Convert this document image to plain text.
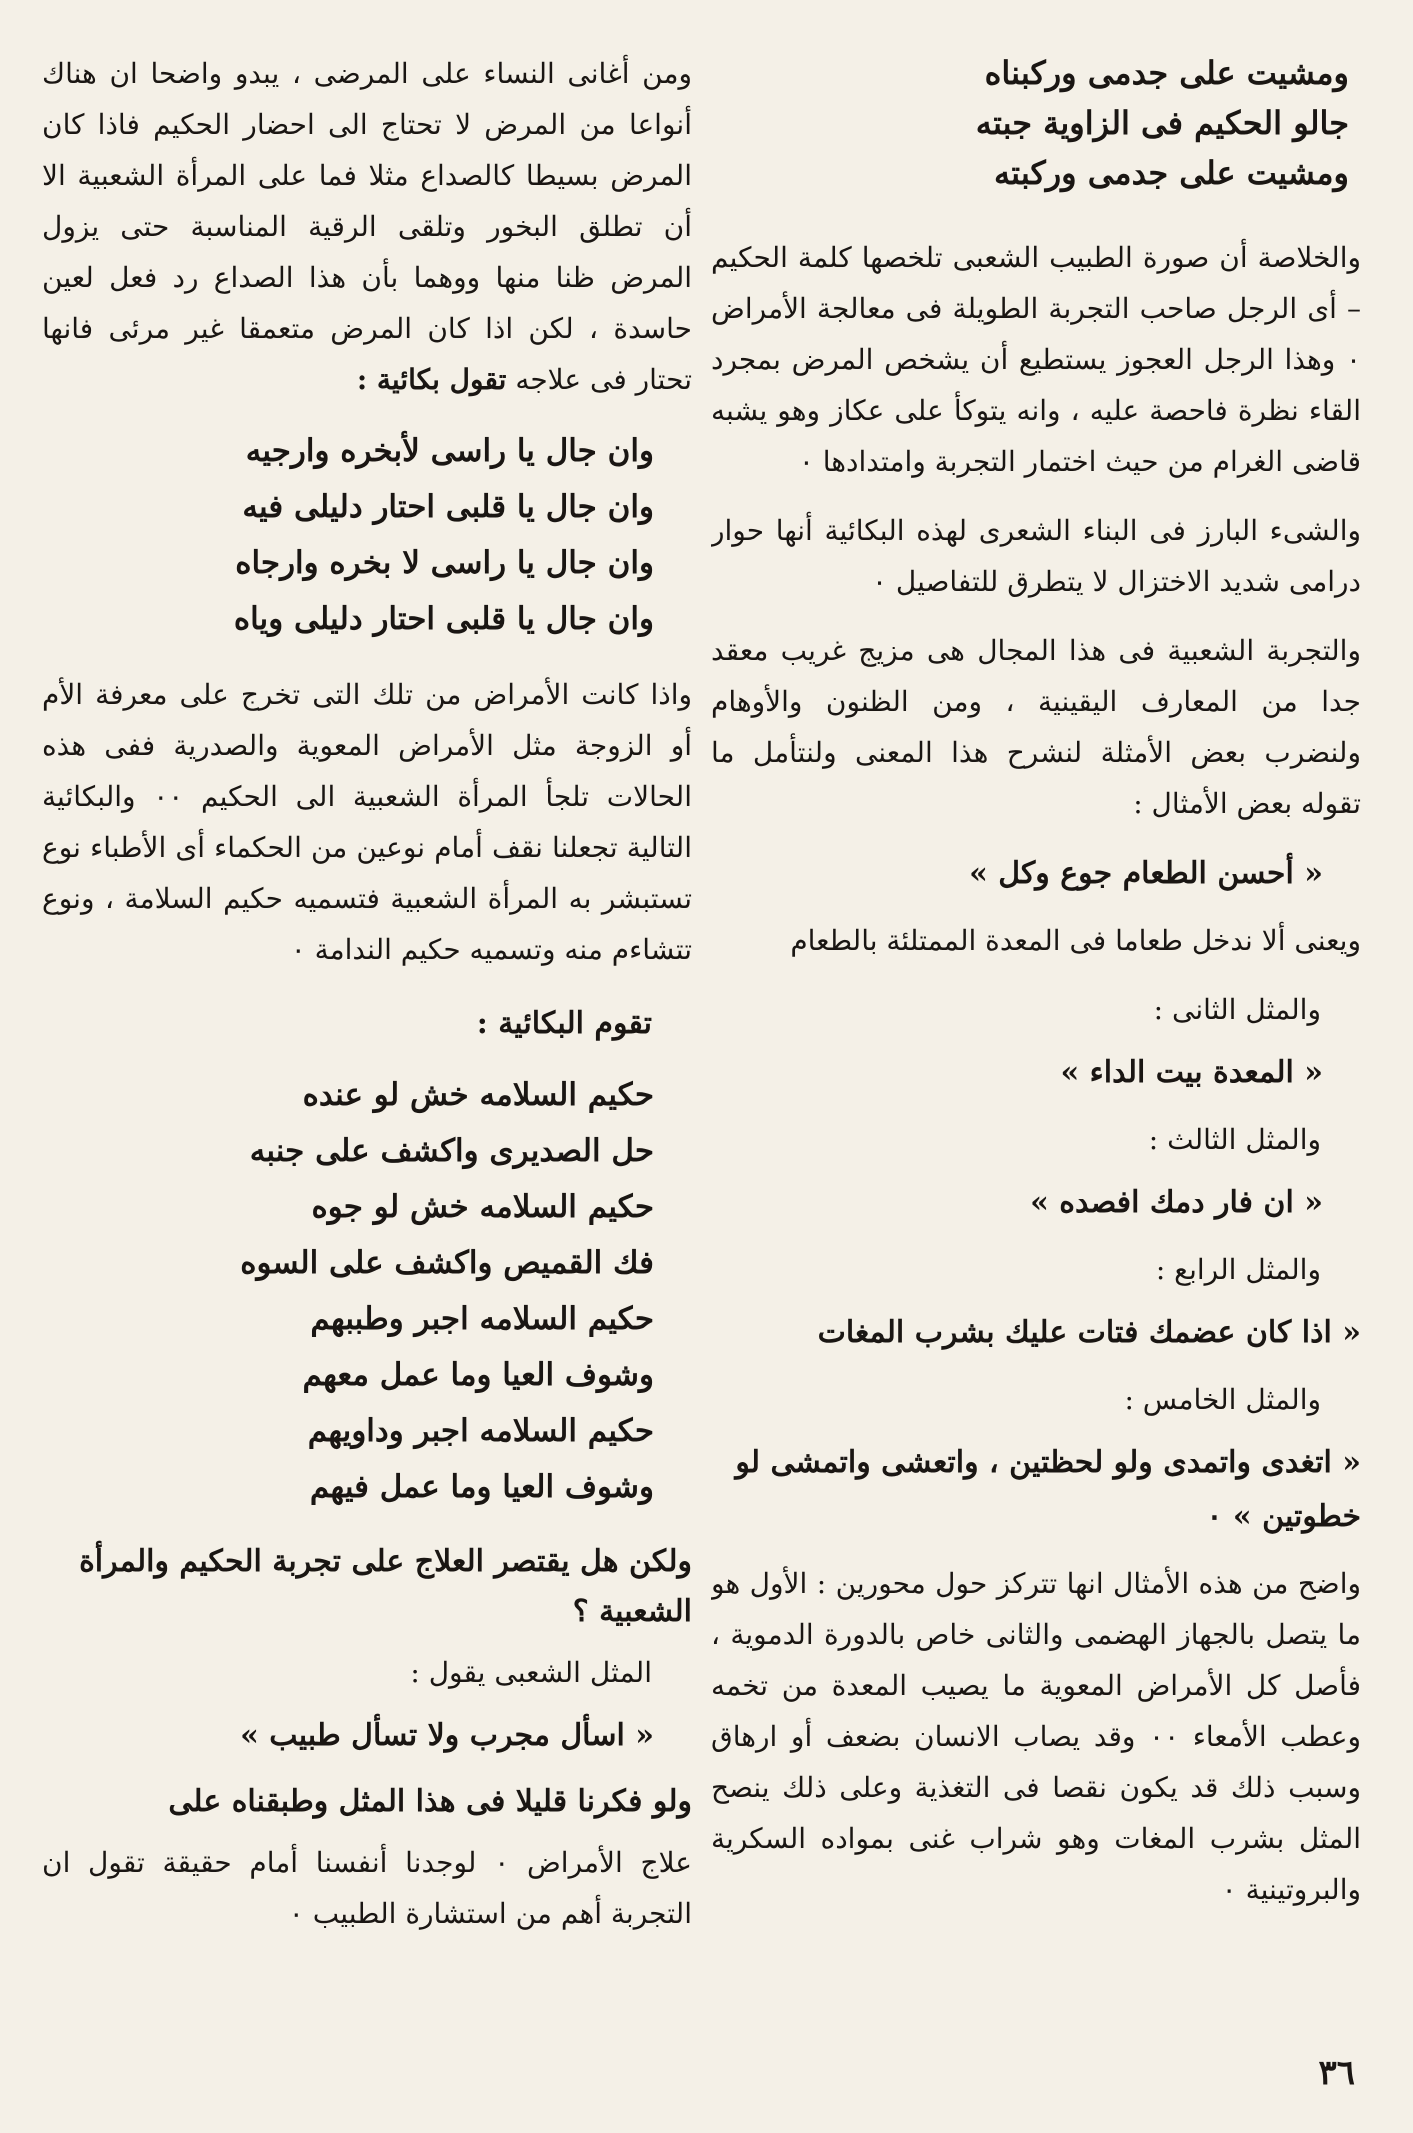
ومشيت على جدمى وركبناه
جالو الحكيم فى الزاوية جبته
ومشيت على جدمى وركبته

والخلاصة أن صورة الطبيب الشعبى تلخصها كلمة الحكيم – أى الرجل صاحب التجربة الطويلة فى معالجة الأمراض ٠ وهذا الرجل العجوز يستطيع أن يشخص المرض بمجرد القاء نظرة فاحصة عليه ، وانه يتوكأ على عكاز وهو يشبه قاضى الغرام من حيث اختمار التجربة وامتدادها ٠

والشىء البارز فى البناء الشعرى لهذه البكائية أنها حوار درامى شديد الاختزال لا يتطرق للتفاصيل ٠

والتجربة الشعبية فى هذا المجال هى مزيج غريب معقد جدا من المعارف اليقينية ، ومن الظنون والأوهام ولنضرب بعض الأمثلة لنشرح هذا المعنى ولنتأمل ما تقوله بعض الأمثال :

« أحسن الطعام جوع وكل »

ويعنى ألا ندخل طعاما فى المعدة الممتلئة بالطعام

والمثل الثانى :

« المعدة بيت الداء »

والمثل الثالث :

« ان فار دمك افصده »

والمثل الرابع :

« اذا كان عضمك فتات عليك بشرب المغات

والمثل الخامس :

« اتغدى واتمدى ولو لحظتين ، واتعشى واتمشى لو خطوتين » ٠

واضح من هذه الأمثال انها تتركز حول محورين : الأول هو ما يتصل بالجهاز الهضمى والثانى خاص بالدورة الدموية ، فأصل كل الأمراض المعوية ما يصيب المعدة من تخمه وعطب الأمعاء ٠٠ وقد يصاب الانسان بضعف أو ارهاق وسبب ذلك قد يكون نقصا فى التغذية وعلى ذلك ينصح المثل بشرب المغات وهو شراب غنى بمواده السكرية والبروتينية ٠

ومن أغانى النساء على المرضى ، يبدو واضحا ان هناك أنواعا من المرض لا تحتاج الى احضار الحكيم فاذا كان المرض بسيطا كالصداع مثلا فما على المرأة الشعبية الا أن تطلق البخور وتلقى الرقية المناسبة حتى يزول المرض ظنا منها ووهما بأن هذا الصداع رد فعل لعين حاسدة ، لكن اذا كان المرض متعمقا غير مرئى فانها تحتار فى علاجه تقول بكائية :

وان جال يا راسى لأبخره وارجيه
وان جال يا قلبى احتار دليلى فيه
وان جال يا راسى لا بخره وارجاه
وان جال يا قلبى احتار دليلى وياه

واذا كانت الأمراض من تلك التى تخرج على معرفة الأم أو الزوجة مثل الأمراض المعوية والصدرية ففى هذه الحالات تلجأ المرأة الشعبية الى الحكيم ٠٠ والبكائية التالية تجعلنا نقف أمام نوعين من الحكماء أى الأطباء نوع تستبشر به المرأة الشعبية فتسميه حكيم السلامة ، ونوع تتشاءم منه وتسميه حكيم الندامة ٠

تقوم البكائية :

حكيم السلامه خش لو عنده
حل الصديرى واكشف على جنبه
حكيم السلامه خش لو جوه
فك القميص واكشف على السوه
حكيم السلامه اجبر وطببهم
وشوف العيا وما عمل معهم
حكيم السلامه اجبر وداويهم
وشوف العيا وما عمل فيهم

ولكن هل يقتصر العلاج على تجربة الحكيم والمرأة الشعبية ؟

المثل الشعبى يقول :

« اسأل مجرب ولا تسأل طبيب »

ولو فكرنا قليلا فى هذا المثل وطبقناه على

علاج الأمراض ٠ لوجدنا أنفسنا أمام حقيقة تقول ان التجربة أهم من استشارة الطبيب ٠

٣٦
